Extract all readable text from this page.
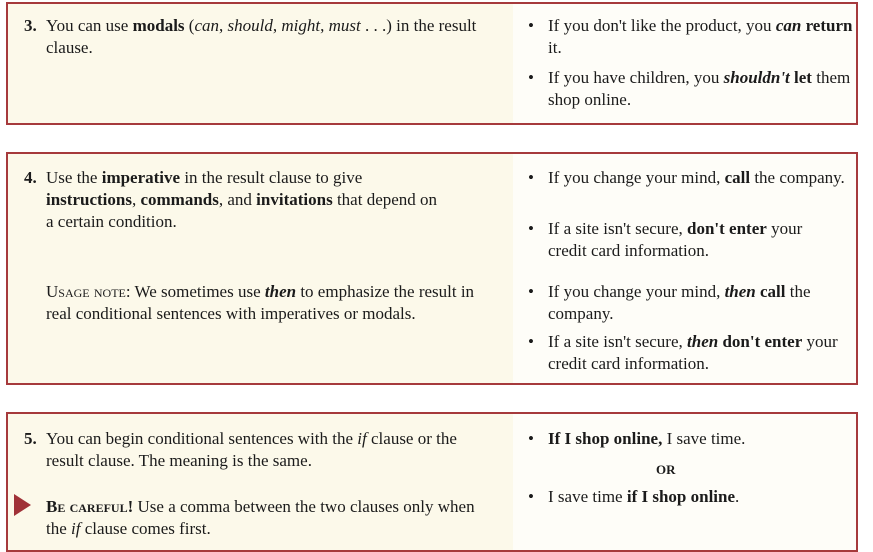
3. You can use modals (can, should, might, must . . .) in the result clause.
• If you don't like the product, you can return it.
• If you have children, you shouldn't let them shop online.
4. Use the imperative in the result clause to give instructions, commands, and invitations that depend on a certain condition.
Usage note: We sometimes use then to emphasize the result in real conditional sentences with imperatives or modals.
• If you change your mind, call the company.
• If a site isn't secure, don't enter your credit card information.
• If you change your mind, then call the company.
• If a site isn't secure, then don't enter your credit card information.
5. You can begin conditional sentences with the if clause or the result clause. The meaning is the same.
Be careful! Use a comma between the two clauses only when the if clause comes first.
• If I shop online, I save time.
OR
• I save time if I shop online.
